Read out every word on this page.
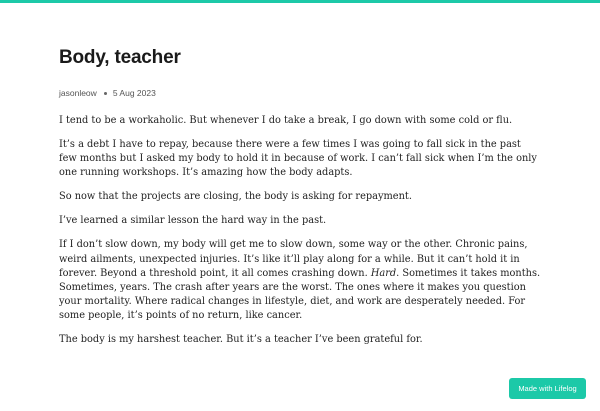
Body, teacher
jasonleow 5 Aug 2023

I tend to be a workaholic. But whenever I do take a break, I go down with some cold or flu.

It’s a debt I have to repay, because there were a few times I was going to fall sick in the past few months but I asked my body to hold it in because of work. I can’t fall sick when I’m the only one running workshops. It’s amazing how the body adapts.

So now that the projects are closing, the body is asking for repayment.

I’ve learned a similar lesson the hard way in the past.

If I don’t slow down, my body will get me to slow down, some way or the other. Chronic pains, weird ailments, unexpected injuries. It’s like it’ll play along for a while. But it can’t hold it in forever. Beyond a threshold point, it all comes crashing down. Hard. Sometimes it takes months. Sometimes, years. The crash after years are the worst. The ones where it makes you question your mortality. Where radical changes in lifestyle, diet, and work are desperately needed. For some people, it’s points of no return, like cancer.

The body is my harshest teacher. But it’s a teacher I’ve been grateful for.

Made with Lifelog
